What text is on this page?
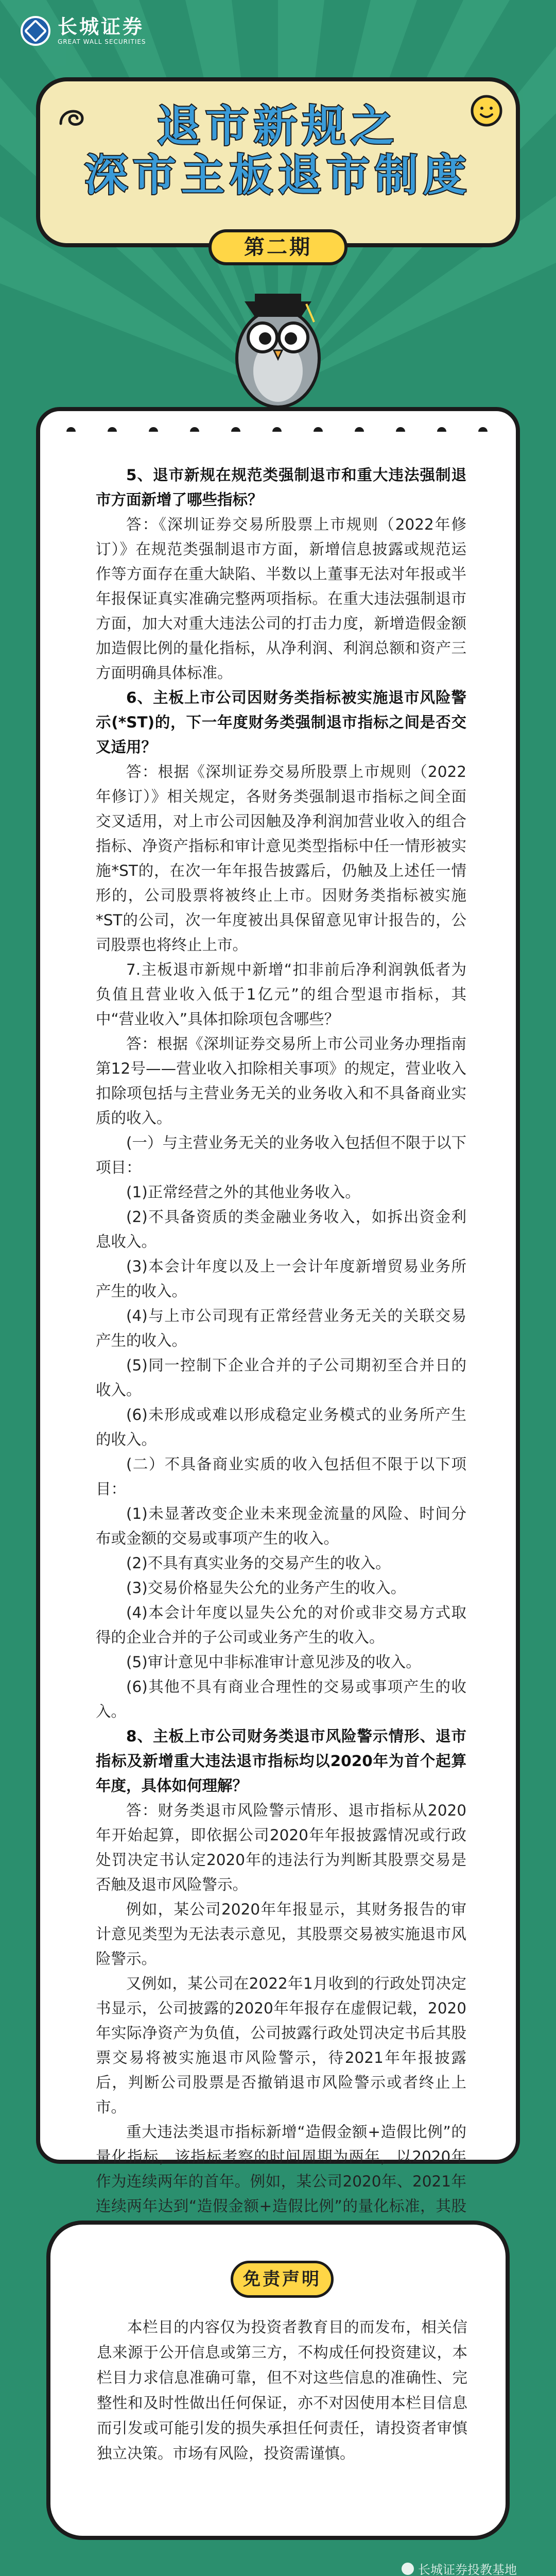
长城证券
GREAT WALL SECURITIES
退市新规之
深市主板退市制度
第二期

5、退市新规在规范类强制退市和重大违法强制退市方面新增了哪些指标？

答：《深圳证券交易所股票上市规则（2022年修订）》在规范类强制退市方面，新增信息披露或规范运作等方面存在重大缺陷、半数以上董事无法对年报或半年报保证真实准确完整两项指标。在重大违法强制退市方面，加大对重大违法公司的打击力度，新增造假金额加造假比例的量化指标，从净利润、利润总额和资产三方面明确具体标准。

6、主板上市公司因财务类指标被实施退市风险警示(*ST)的，下一年度财务类强制退市指标之间是否交叉适用？

答：根据《深圳证券交易所股票上市规则（2022年修订）》相关规定，各财务类强制退市指标之间全面交叉适用，对上市公司因触及净利润加营业收入的组合指标、净资产指标和审计意见类型指标中任一情形被实施*ST的，在次一年年报告披露后，仍触及上述任一情形的，公司股票将被终止上市。因财务类指标被实施*ST的公司，次一年度被出具保留意见审计报告的，公司股票也将终止上市。

7.主板退市新规中新增“扣非前后净利润孰低者为负值且营业收入低于1亿元”的组合型退市指标，其中“营业收入”具体扣除项包含哪些？

答：根据《深圳证券交易所上市公司业务办理指南第12号——营业收入扣除相关事项》的规定，营业收入扣除项包括与主营业务无关的业务收入和不具备商业实质的收入。

(一）与主营业务无关的业务收入包括但不限于以下项目：

(1)正常经营之外的其他业务收入。

(2)不具备资质的类金融业务收入，如拆出资金利息收入。

(3)本会计年度以及上一会计年度新增贸易业务所产生的收入。

(4)与上市公司现有正常经营业务无关的关联交易产生的收入。

(5)同一控制下企业合并的子公司期初至合并日的收入。

(6)未形成或难以形成稳定业务模式的业务所产生的收入。

(二）不具备商业实质的收入包括但不限于以下项目：

(1)未显著改变企业未来现金流量的风险、时间分布或金额的交易或事项产生的收入。

(2)不具有真实业务的交易产生的收入。

(3)交易价格显失公允的业务产生的收入。

(4)本会计年度以显失公允的对价或非交易方式取得的企业合并的子公司或业务产生的收入。

(5)审计意见中非标准审计意见涉及的收入。

(6)其他不具有商业合理性的交易或事项产生的收入。

8、主板上市公司财务类退市风险警示情形、退市指标及新增重大违法退市指标均以2020年为首个起算年度，具体如何理解？

答：财务类退市风险警示情形、退市指标从2020年开始起算，即依据公司2020年年报披露情况或行政处罚决定书认定2020年的违法行为判断其股票交易是否触及退市风险警示。

例如，某公司2020年年报显示，其财务报告的审计意见类型为无法表示意见，其股票交易被实施退市风险警示。

又例如，某公司在2022年1月收到的行政处罚决定书显示，公司披露的2020年年报存在虚假记载，2020年实际净资产为负值，公司披露行政处罚决定书后其股票交易将被实施退市风险警示，待2021年年报披露后，判断公司股票是否撤销退市风险警示或者终止上市。

重大违法类退市指标新增“造假金额+造假比例”的量化指标，该指标考察的时间周期为两年，以2020年作为连续两年的首年。例如，某公司2020年、2021年连续两年达到“造假金额+造假比例”的量化标准，其股

免责声明

本栏目的内容仅为投资者教育目的而发布，相关信息来源于公开信息或第三方，不构成任何投资建议，本栏目力求信息准确可靠，但不对这些信息的准确性、完整性和及时性做出任何保证，亦不对因使用本栏目信息而引发或可能引发的损失承担任何责任，请投资者审慎独立决策。市场有风险，投资需谨慎。

长城证券投教基地
